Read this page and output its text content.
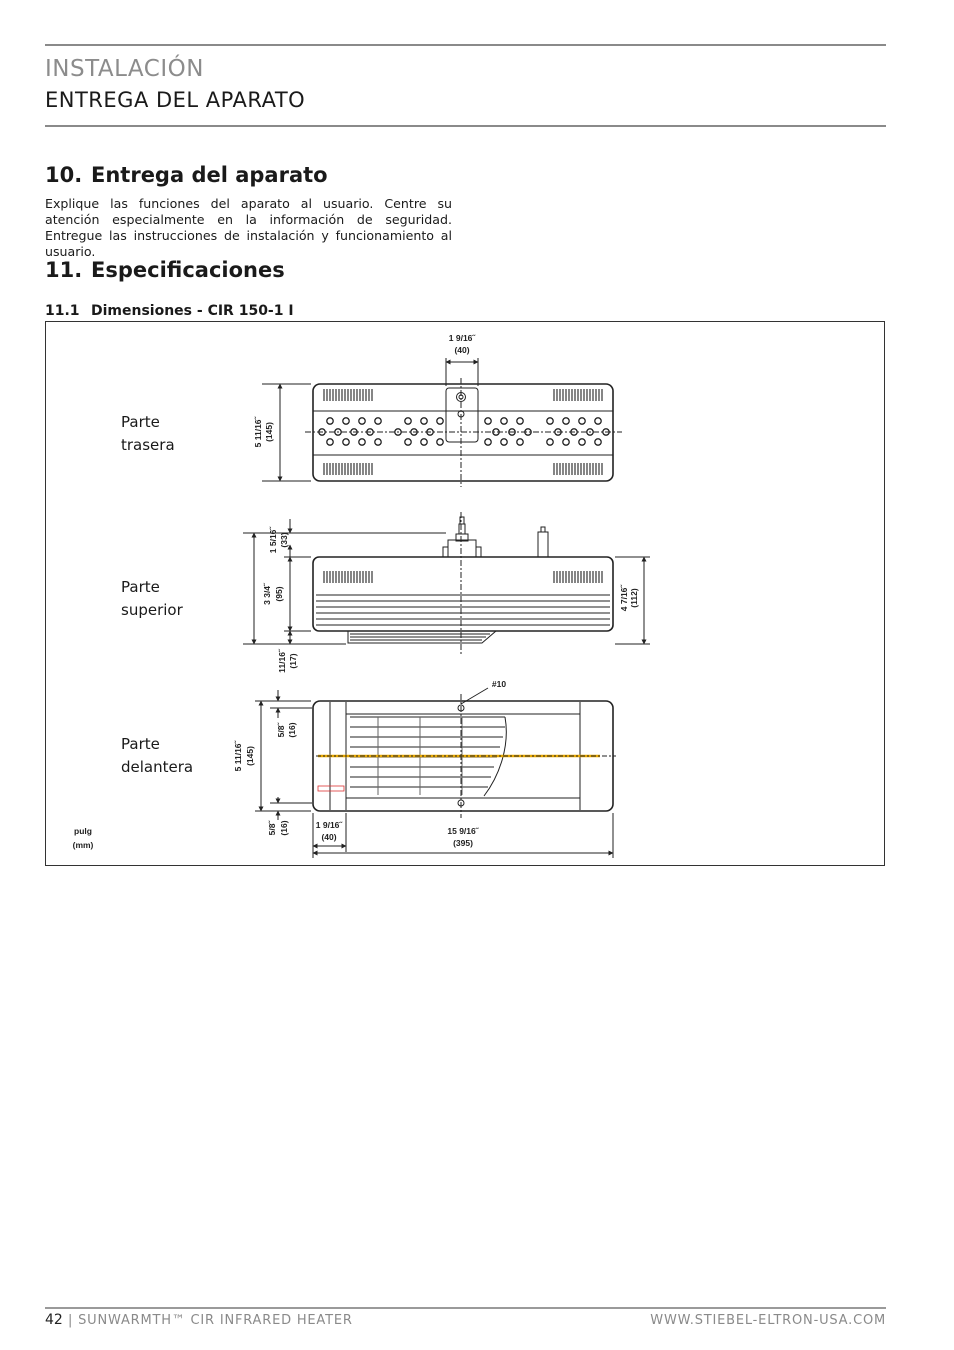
INSTALACIÓN
ENTREGA DEL APARATO
10. Entrega del aparato
Explique las funciones del aparato al usuario. Centre su atención especialmente en la información de seguridad. Entregue las instrucciones de instalación y funcionamiento al usuario.
11. Especificaciones
11.1 Dimensiones - CIR 150-1 I
Parte
trasera
Parte
superior
Parte
delantera
1 9/16˝
(40)
5 11/16˝ (145)
1 5/16˝ (33)
3 3/4˝ (95)
11/16˝ (17)
4 7/16˝ (112)
#10
5/8˝ (16)
5 11/16˝ (145)
5/8˝ (16)	1 9/16˝
(40)
15 9/16˝
(395)
pulg
(mm)
42 | SUNWARMTH™ CIR INFRARED HEATER	WWW.STIEBEL-ELTRON-USA.COM
